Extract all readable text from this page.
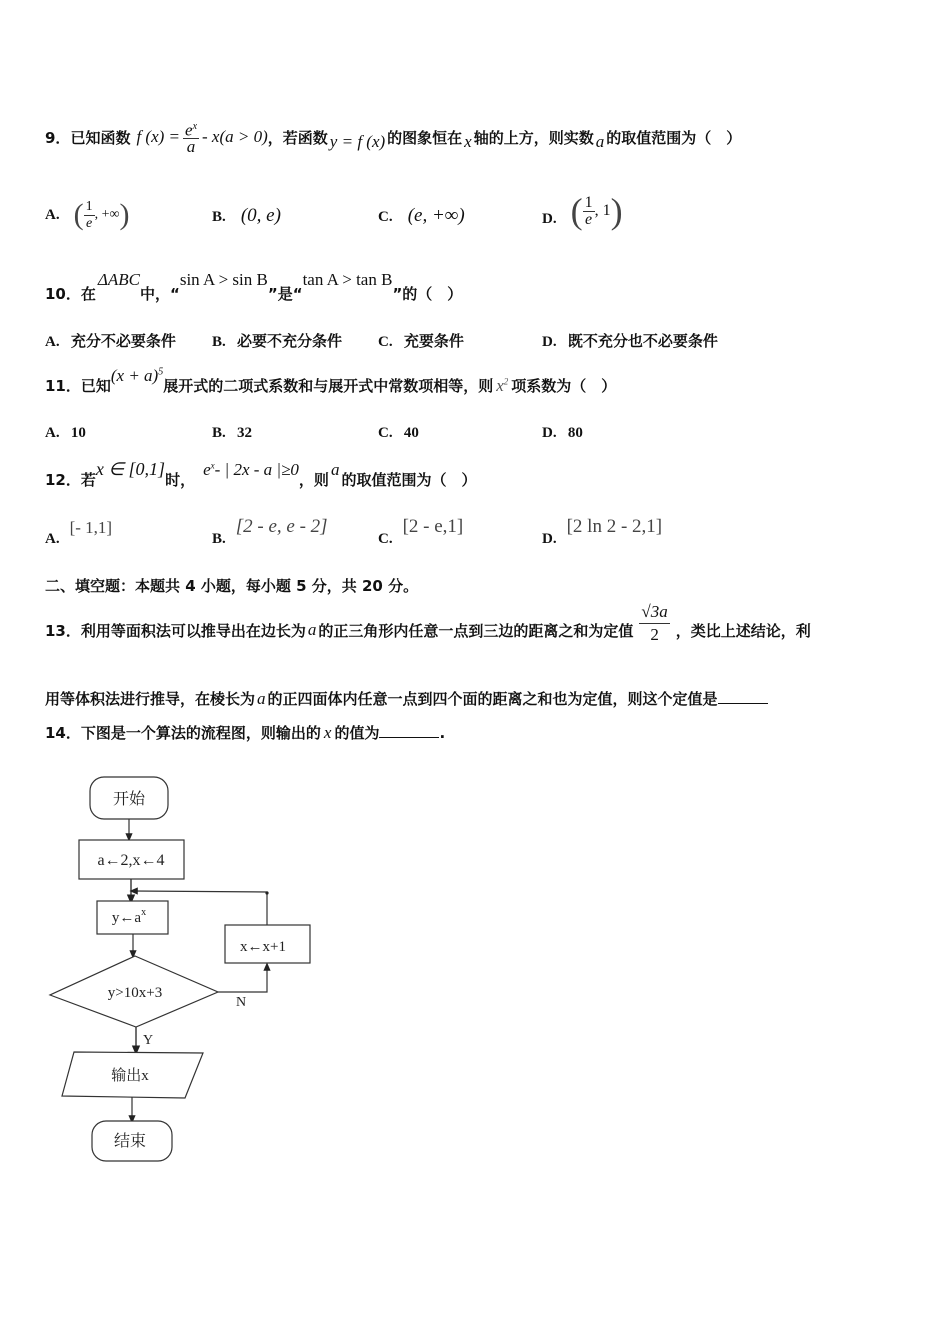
9． 已知函数 f $(x) = \frac{e^x}{a} - x(a > 0)$ ，若函数 y = f (x) 的图象恒在 x 轴的上方，则实数 a 的取值范围为（　）
A. ( $\frac{1}{e}$ , +∞ )	B. (0, e)	C. (e, +∞)	D. ( $\frac{1}{e}$ , 1 )
10．在
ΔABC
中，“
sin A > sin B
”是“
tan A > tan B
”的（　）
A. 充分不必要条件 B. 必要不充分条件 C. 充要条件	D. 既不充分也不必要条件
11．已知
$(x + a)^5$
展开式的二项式系数和与展开式中常数项相等，则 $x^2$ 项系数为（　）
A. 10	B. 32	C. 40	D. 80
12．若
x ∈ [0,1]
时，
$e^x-$ | 2x - a |≥0
，则
a
的取值范围为（　）
A.
[- 1,1]
B.
[2 - e, e - 2]
C.
[2 - e,1]
D.
[2 ln 2 - 2,1]
二、填空题：本题共 4 小题，每小题 5 分，共 20 分。
13．利用等面积法可以推导出在边长为 a 的正三角形内任意一点到三边的距离之和为定值 $\frac{√3a}{2}$ ，类比上述结论，利
用等体积法进行推导，在棱长为 a 的正四面体内任意一点到四个面的距离之和也为定值，则这个定值是
14．下图是一个算法的流程图，则输出的 x 的值为	.
开始
a←2,x←4
$y\leftarrow a^x$
x←x+1
y>10x+3
N
Y
输出x
结束
